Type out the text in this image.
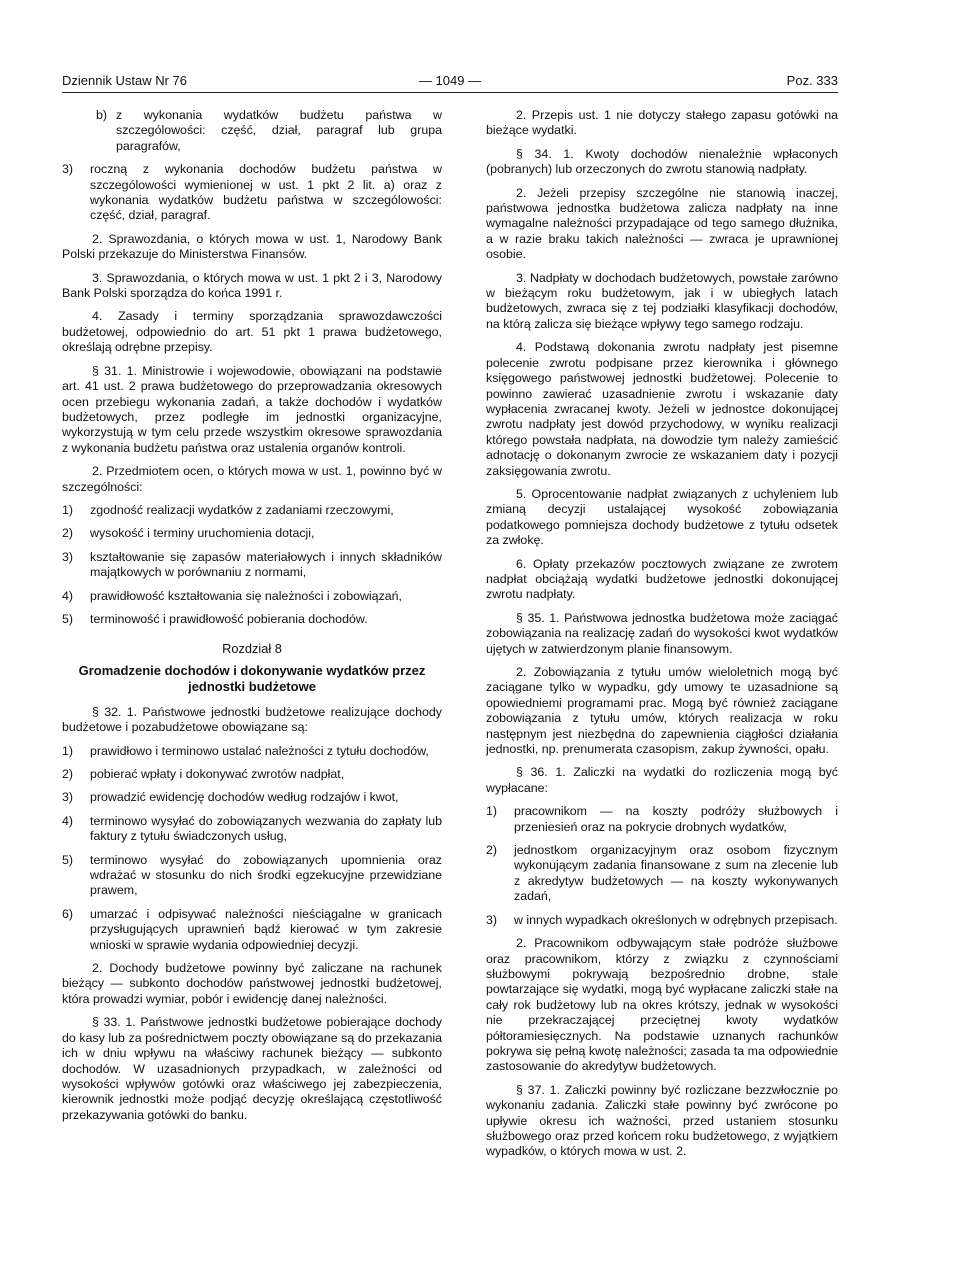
Dziennik Ustaw Nr 76	— 1049 —	Poz. 333
b) z wykonania wydatków budżetu państwa w szczególowości: część, dział, paragraf lub grupa paragrafów,
3)	roczną z wykonania dochodów budżetu państwa w szczególowości wymienionej w ust. 1 pkt 2 lit. a) oraz z wykonania wydatków budżetu państwa w szczególowości: część, dział, paragraf.

2. Sprawozdania, o których mowa w ust. 1, Narodowy Bank Polski przekazuje do Ministerstwa Finansów.

3. Sprawozdania, o których mowa w ust. 1 pkt 2 i 3, Narodowy Bank Polski sporządza do końca 1991 r.

4. Zasady i terminy sporządzania sprawozdawczości budżetowej, odpowiednio do art. 51 pkt 1 prawa budżetowego, określają odrębne przepisy.

§ 31. 1. Ministrowie i wojewodowie, obowiązani na podstawie art. 41 ust. 2 prawa budżetowego do przeprowadzania okresowych ocen przebiegu wykonania zadań, a także dochodów i wydatków budżetowych, przez podległe im jednostki organizacyjne, wykorzystują w tym celu przede wszystkim okresowe sprawozdania z wykonania budżetu państwa oraz ustalenia organów kontroli.

2. Przedmiotem ocen, o których mowa w ust. 1, powinno być w szczególności:

1)	zgodność realizacji wydatków z zadaniami rzeczowymi,
2)	wysokość i terminy uruchomienia dotacji,
3)	kształtowanie się zapasów materiałowych i innych składników majątkowych w porównaniu z normami,
4)	prawidłowość kształtowania się należności i zobowiązań,
5)	terminowość i prawidłowość pobierania dochodów.
Rozdział 8
Gromadzenie dochodów i dokonywanie wydatków przez jednostki budżetowe

§ 32. 1. Państwowe jednostki budżetowe realizujące dochody budżetowe i pozabudżetowe obowiązane są:

1)	prawidłowo i terminowo ustalać należności z tytułu dochodów,
2)	pobierać wpłaty i dokonywać zwrotów nadpłat,
3)	prowadzić ewidencję dochodów według rodzajów i kwot,
4)	terminowo wysyłać do zobowiązanych wezwania do zapłaty lub faktury z tytułu świadczonych usług,
5)	terminowo wysyłać do zobowiązanych upomnienia oraz wdrażać w stosunku do nich środki egzekucyjne przewidziane prawem,
6)	umarzać i odpisywać należności nieściągalne w granicach przysługujących uprawnień bądź kierować w tym zakresie wnioski w sprawie wydania odpowiedniej decyzji.

2. Dochody budżetowe powinny być zaliczane na rachunek bieżący — subkonto dochodów państwowej jednostki budżetowej, która prowadzi wymiar, pobór i ewidencję danej należności.

§ 33. 1. Państwowe jednostki budżetowe pobierające dochody do kasy lub za pośrednictwem poczty obowiązane są do przekazania ich w dniu wpływu na właściwy rachunek bieżący — subkonto dochodów. W uzasadnionych przypadkach, w zależności od wysokości wpływów gotówki oraz właściwego jej zabezpieczenia, kierownik jednostki może podjąć decyzję określającą częstotliwość przekazywania gotówki do banku.

2. Przepis ust. 1 nie dotyczy stałego zapasu gotówki na bieżące wydatki.

§ 34. 1. Kwoty dochodów nienależnie wpłaconych (pobranych) lub orzeczonych do zwrotu stanowią nadpłaty.

2. Jeżeli przepisy szczególne nie stanowią inaczej, państwowa jednostka budżetowa zalicza nadpłaty na inne wymagalne należności przypadające od tego samego dłużnika, a w razie braku takich należności — zwraca je uprawnionej osobie.

3. Nadpłaty w dochodach budżetowych, powstałe zarówno w bieżącym roku budżetowym, jak i w ubiegłych latach budżetowych, zwraca się z tej podziałki klasyfikacji dochodów, na którą zalicza się bieżące wpływy tego samego rodzaju.

4. Podstawą dokonania zwrotu nadpłaty jest pisemne polecenie zwrotu podpisane przez kierownika i głównego księgowego państwowej jednostki budżetowej. Polecenie to powinno zawierać uzasadnienie zwrotu i wskazanie daty wypłacenia zwracanej kwoty. Jeżeli w jednostce dokonującej zwrotu nadpłaty jest dowód przychodowy, w wyniku realizacji którego powstała nadpłata, na dowodzie tym należy zamieścić adnotację o dokonanym zwrocie ze wskazaniem daty i pozycji zaksięgowania zwrotu.

5. Oprocentowanie nadpłat związanych z uchyleniem lub zmianą decyzji ustalającej wysokość zobowiązania podatkowego pomniejsza dochody budżetowe z tytułu odsetek za zwłokę.

6. Opłaty przekazów pocztowych związane ze zwrotem nadpłat obciążają wydatki budżetowe jednostki dokonującej zwrotu nadpłaty.

§ 35. 1. Państwowa jednostka budżetowa może zaciągać zobowiązania na realizację zadań do wysokości kwot wydatków ujętych w zatwierdzonym planie finansowym.

2. Zobowiązania z tytułu umów wieloletnich mogą być zaciągane tylko w wypadku, gdy umowy te uzasadnione są opowiedniemi programami prac. Mogą być również zaciągane zobowiązania z tytułu umów, których realizacja w roku następnym jest niezbędna do zapewnienia ciągłości działania jednostki, np. prenumerata czasopism, zakup żywności, opału.

§ 36. 1. Zaliczki na wydatki do rozliczenia mogą być wypłacane:

1)	pracownikom — na koszty podróży służbowych i przeniesień oraz na pokrycie drobnych wydatków,
2)	jednostkom organizacyjnym oraz osobom fizycznym wykonującym zadania finansowane z sum na zlecenie lub z akredytyw budżetowych — na koszty wykonywanych zadań,
3)	w innych wypadkach określonych w odrębnych przepisach.

2. Pracownikom odbywającym stałe podróże służbowe oraz pracownikom, którzy z związku z czynnościami służbowymi pokrywają bezpośrednio drobne, stale powtarzające się wydatki, mogą być wypłacane zaliczki stałe na cały rok budżetowy lub na okres krótszy, jednak w wysokości nie przekraczającej przeciętnej kwoty wydatków półtoramiesięcznych. Na podstawie uznanych rachunków pokrywa się pełną kwotę należności; zasada ta ma odpowiednie zastosowanie do akredytyw budżetowych.

§ 37. 1. Zaliczki powinny być rozliczane bezzwłocznie po wykonaniu zadania. Zaliczki stałe powinny być zwrócone po upływie okresu ich ważności, przed ustaniem stosunku służbowego oraz przed końcem roku budżetowego, z wyjątkiem wypadków, o których mowa w ust. 2.
